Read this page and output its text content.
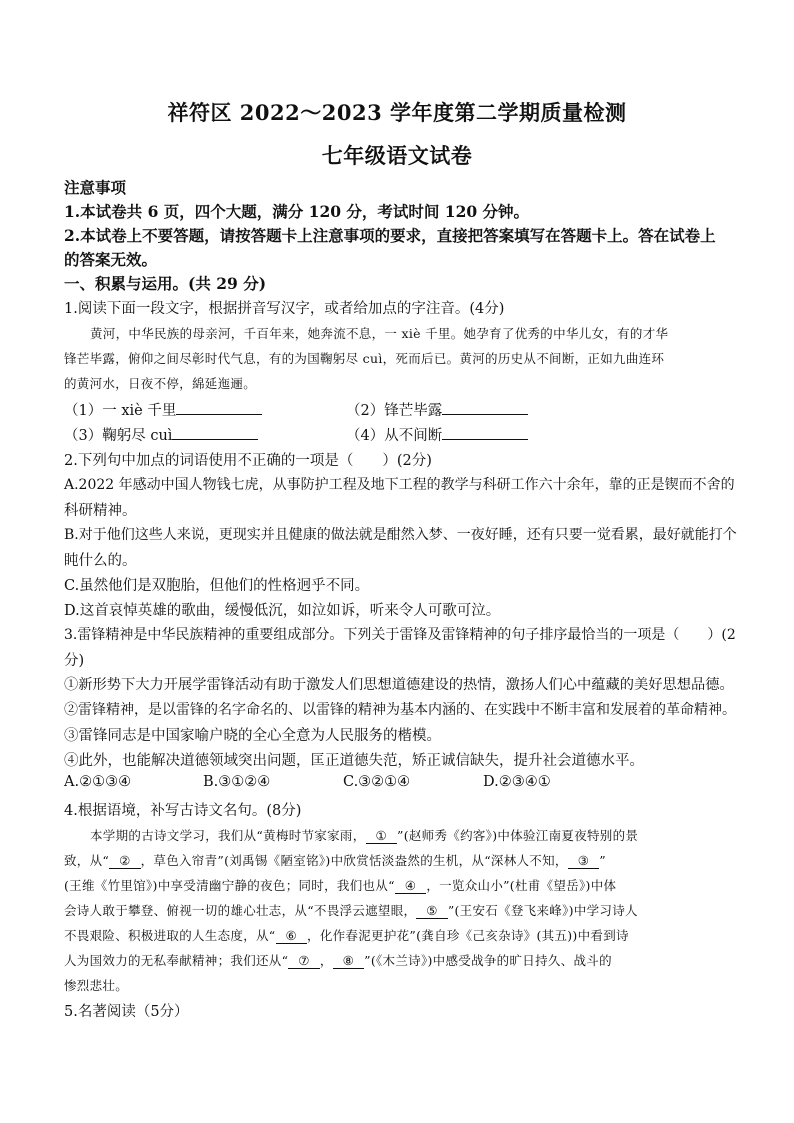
祥符区 2022～2023 学年度第二学期质量检测
七年级语文试卷
注意事项
1.本试卷共 6 页，四个大题，满分 120 分，考试时间 120 分钟。
2.本试卷上不要答题，请按答题卡上注意事项的要求，直接把答案填写在答题卡上。答在试卷上
的答案无效。
一、积累与运用。(共 29 分)
1.阅读下面一段文字，根据拼音写汉字，或者给加点的字注音。(4分)
黄河，中华民族的母亲河，千百年来，她奔流不息，一 xiè 千里。她孕育了优秀的中华儿女，有的才华
锋芒毕露，俯仰之间尽彰时代气息，有的为国鞠躬尽 cuì，死而后已。黄河的历史从不间断，正如九曲连环
的黄河水，日夜不停，綿延迤逦。
（1）一 xiè 千里	（2）锋芒毕露
（3）鞠躬尽 cuì	（4）从不间断
2.下列句中加点的词语使用不正确的一项是（　　）(2分)
A.2022 年感动中国人物钱七虎，从事防护工程及地下工程的教学与科研工作六十余年，靠的正是锲而不舍的
科研精神。
B.对于他们这些人来说，更现实并且健康的做法就是酣然入梦、一夜好睡，还有只要一觉看累，最好就能打个
盹什么的。
C.虽然他们是双胞胎，但他们的性格迥乎不同。
D.这首哀悼英雄的歌曲，缓慢低沉，如泣如诉，听来令人可歌可泣。
3.雷锋精神是中华民族精神的重要组成部分。下列关于雷锋及雷锋精神的句子排序最恰当的一项是（　　）(2
分)
①新形势下大力开展学雷锋活动有助于激发人们思想道德建设的热情，激扬人们心中蕴藏的美好思想品德。
②雷锋精神，是以雷锋的名字命名的、以雷锋的精神为基本内涵的、在实践中不断丰富和发展着的革命精神。
③雷锋同志是中国家喻户晓的全心全意为人民服务的楷模。
④此外，也能解决道德领域突出问题，匡正道德失范，矫正诚信缺失，提升社会道德水平。
A.②①③④	B.③①②④	C.③②①④	D.②③④①
4.根据语境，补写古诗文名句。(8分)
本学期的古诗文学习，我们从“黄梅时节家家雨， ① ”(赵师秀《约客》)中体验江南夏夜特别的景
致，从“ ② ，草色入帘青”(刘禹锡《陋室铭》)中欣赏恬淡盎然的生机，从“深林人不知， ③ ”
(王维《竹里馆》)中享受清幽宁静的夜色；同时，我们也从“ ④ ，一览众山小”(杜甫《望岳》)中体
会诗人敢于攀登、俯视一切的雄心壮志，从“不畏浮云遮望眼， ⑤ ”(王安石《登飞来峰》)中学习诗人
不畏艰险、积极进取的人生态度，从“ ⑥ ，化作春泥更护花”(龚自珍《己亥杂诗》(其五))中看到诗
人为国效力的无私奉献精神；我们还从“ ⑦ ， ⑧ ”(《木兰诗》)中感受战争的旷日持久、战斗的
惨烈悲壮。
5.名著阅读（5分）
